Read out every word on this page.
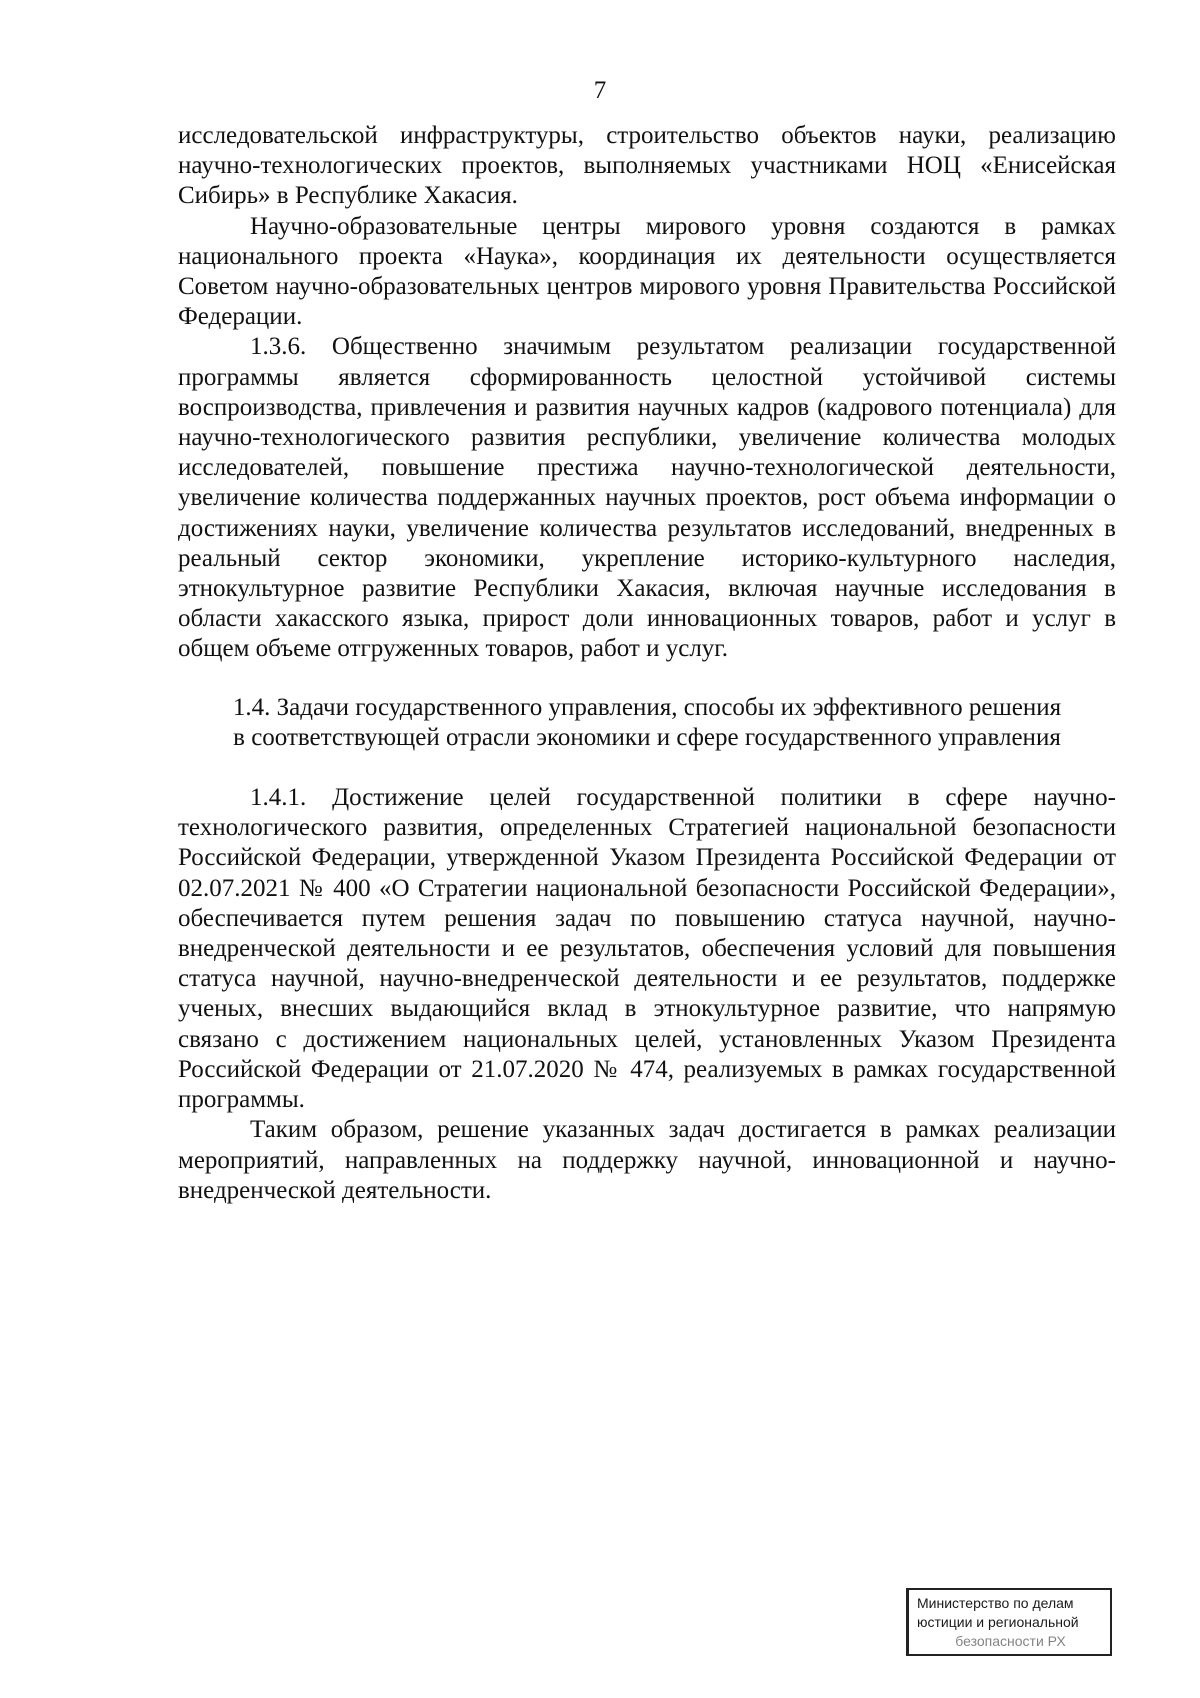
7

исследовательской инфраструктуры, строительство объектов науки, реализацию научно-технологических проектов, выполняемых участниками НОЦ «Енисейская Сибирь» в Республике Хакасия.

Научно-образовательные центры мирового уровня создаются в рамках национального проекта «Наука», координация их деятельности осуществляется Советом научно-образовательных центров мирового уровня Правительства Российской Федерации.

1.3.6. Общественно значимым результатом реализации государственной программы является сформированность целостной устойчивой системы воспроизводства, привлечения и развития научных кадров (кадрового потенциала) для научно-технологического развития республики, увеличение количества молодых исследователей, повышение престижа научно-технологической деятельности, увеличение количества поддержанных научных проектов, рост объема информации о достижениях науки, увеличение количества результатов исследований, внедренных в реальный сектор экономики, укрепление историко-культурного наследия, этнокультурное развитие Республики Хакасия, включая научные исследования в области хакасского языка, прирост доли инновационных товаров, работ и услуг в общем объеме отгруженных товаров, работ и услуг.

1.4. Задачи государственного управления, способы их эффективного решения

в соответствующей отрасли экономики и сфере государственного управления

1.4.1. Достижение целей государственной политики в сфере научно-технологического развития, определенных Стратегией национальной безопасности Российской Федерации, утвержденной Указом Президента Российской Федерации от 02.07.2021 № 400 «О Стратегии национальной безопасности Российской Федерации», обеспечивается путем решения задач по повышению статуса научной, научно-внедренческой деятельности и ее результатов, обеспечения условий для повышения статуса научной, научно-внедренческой деятельности и ее результатов, поддержке ученых, внесших выдающийся вклад в этнокультурное развитие, что напрямую связано с достижением национальных целей, установленных Указом Президента Российской Федерации от 21.07.2020 № 474, реализуемых в рамках государственной программы.

Таким образом, решение указанных задач достигается в рамках реализации мероприятий, направленных на поддержку научной, инновационной и научно-внедренческой деятельности.

Министерство по делам
юстиции и региональной
безопасности РХ
